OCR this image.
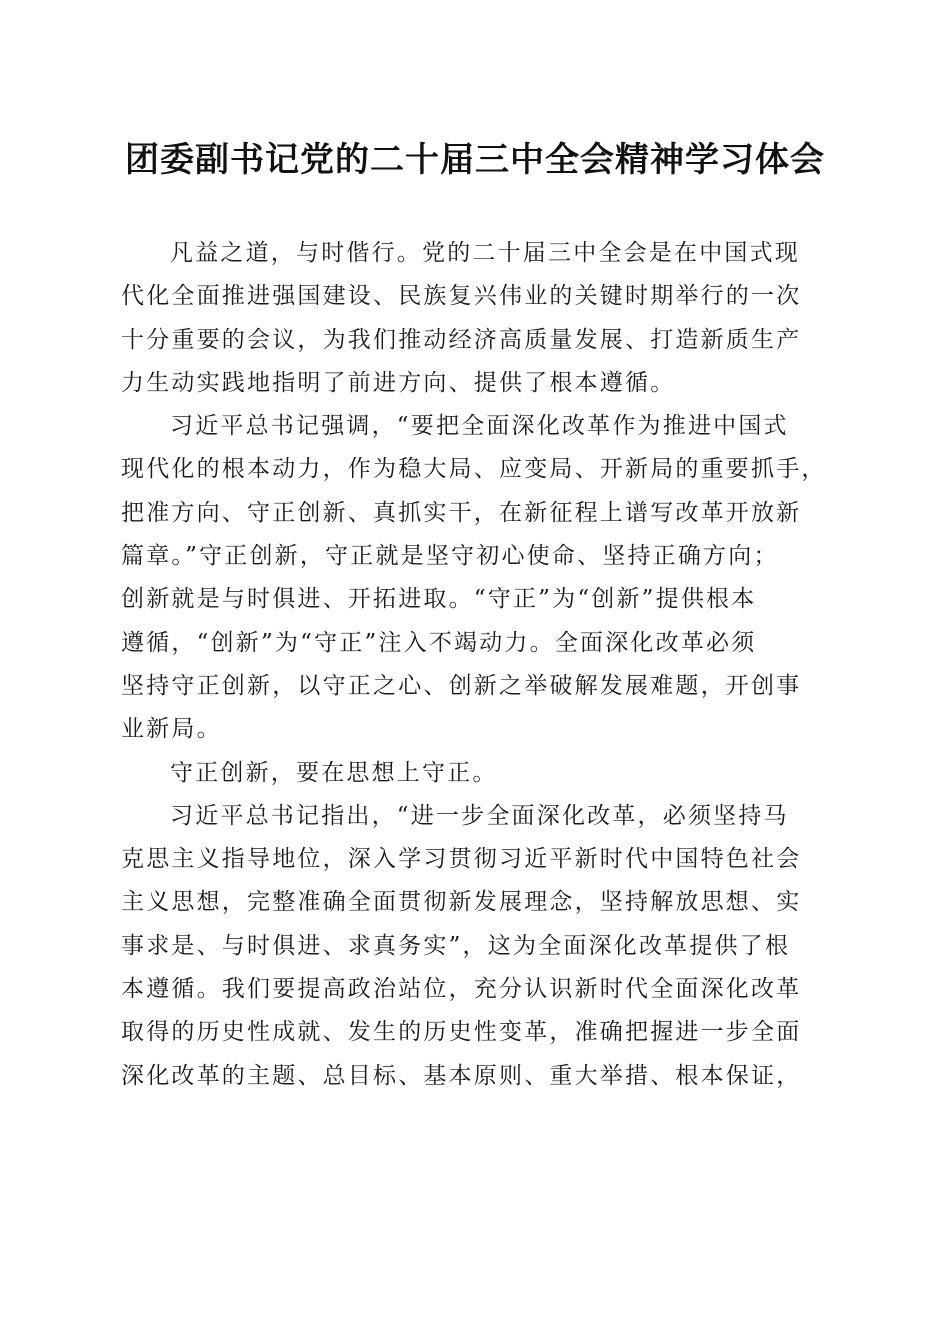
团委副书记党的二十届三中全会精神学习体会
凡益之道，与时偕行。党的二十届三中全会是在中国式现
代化全面推进强国建设、民族复兴伟业的关键时期举行的一次
十分重要的会议，为我们推动经济高质量发展、打造新质生产
力生动实践地指明了前进方向、提供了根本遵循。
习近平总书记强调，“要把全面深化改革作为推进中国式
现代化的根本动力，作为稳大局、应变局、开新局的重要抓手，
把准方向、守正创新、真抓实干，在新征程上谱写改革开放新
篇章。”守正创新，守正就是坚守初心使命、坚持正确方向；
创新就是与时俱进、开拓进取。“守正”为“创新”提供根本
遵循，“创新”为“守正”注入不竭动力。全面深化改革必须
坚持守正创新，以守正之心、创新之举破解发展难题，开创事
业新局。
守正创新，要在思想上守正。
习近平总书记指出，“进一步全面深化改革，必须坚持马
克思主义指导地位，深入学习贯彻习近平新时代中国特色社会
主义思想，完整准确全面贯彻新发展理念，坚持解放思想、实
事求是、与时俱进、求真务实”，这为全面深化改革提供了根
本遵循。我们要提高政治站位，充分认识新时代全面深化改革
取得的历史性成就、发生的历史性变革，准确把握进一步全面
深化改革的主题、总目标、基本原则、重大举措、根本保证，
